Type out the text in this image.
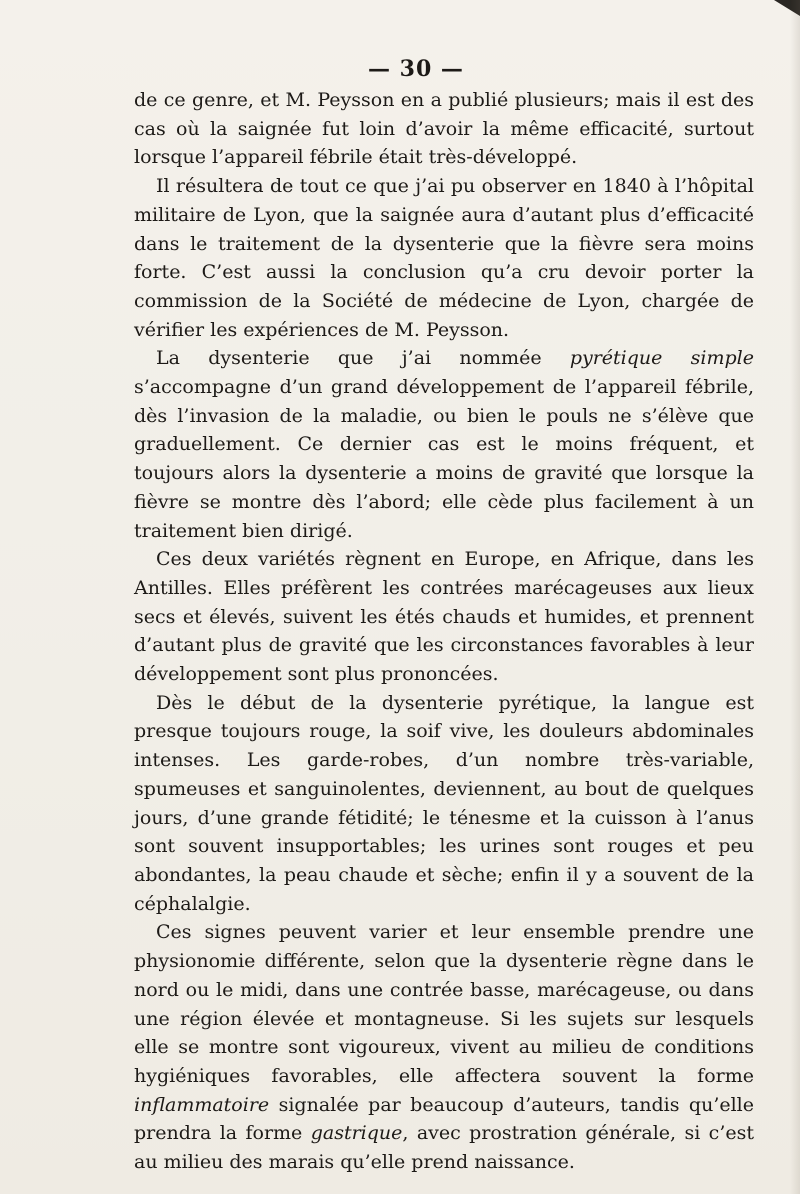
— 30 —

de ce genre, et M. Peysson en a publié plusieurs; mais il est des cas où la saignée fut loin d’avoir la même efficacité, surtout lorsque l’appareil fébrile était très-développé.

Il résultera de tout ce que j’ai pu observer en 1840 à l’hôpital militaire de Lyon, que la saignée aura d’autant plus d’efficacité dans le traitement de la dysenterie que la fièvre sera moins forte. C’est aussi la conclusion qu’a cru devoir porter la commission de la Société de médecine de Lyon, chargée de vérifier les expériences de M. Peysson.

La dysenterie que j’ai nommée pyrétique simple s’accompagne d’un grand développement de l’appareil fébrile, dès l’invasion de la maladie, ou bien le pouls ne s’élève que graduellement. Ce dernier cas est le moins fréquent, et toujours alors la dysenterie a moins de gravité que lorsque la fièvre se montre dès l’abord; elle cède plus facilement à un traitement bien dirigé.

Ces deux variétés règnent en Europe, en Afrique, dans les Antilles. Elles préfèrent les contrées marécageuses aux lieux secs et élevés, suivent les étés chauds et humides, et prennent d’autant plus de gravité que les circonstances favorables à leur développement sont plus prononcées.

Dès le début de la dysenterie pyrétique, la langue est presque toujours rouge, la soif vive, les douleurs abdominales intenses. Les garde-robes, d’un nombre très-variable, spumeuses et sanguinolentes, deviennent, au bout de quelques jours, d’une grande fétidité; le ténesme et la cuisson à l’anus sont souvent insupportables; les urines sont rouges et peu abondantes, la peau chaude et sèche; enfin il y a souvent de la céphalalgie.

Ces signes peuvent varier et leur ensemble prendre une physionomie différente, selon que la dysenterie règne dans le nord ou le midi, dans une contrée basse, marécageuse, ou dans une région élevée et montagneuse. Si les sujets sur lesquels elle se montre sont vigoureux, vivent au milieu de conditions hygiéniques favorables, elle affectera souvent la forme inflammatoire signalée par beaucoup d’auteurs, tandis qu’elle prendra la forme gastrique, avec prostration générale, si c’est au milieu des marais qu’elle prend naissance.
